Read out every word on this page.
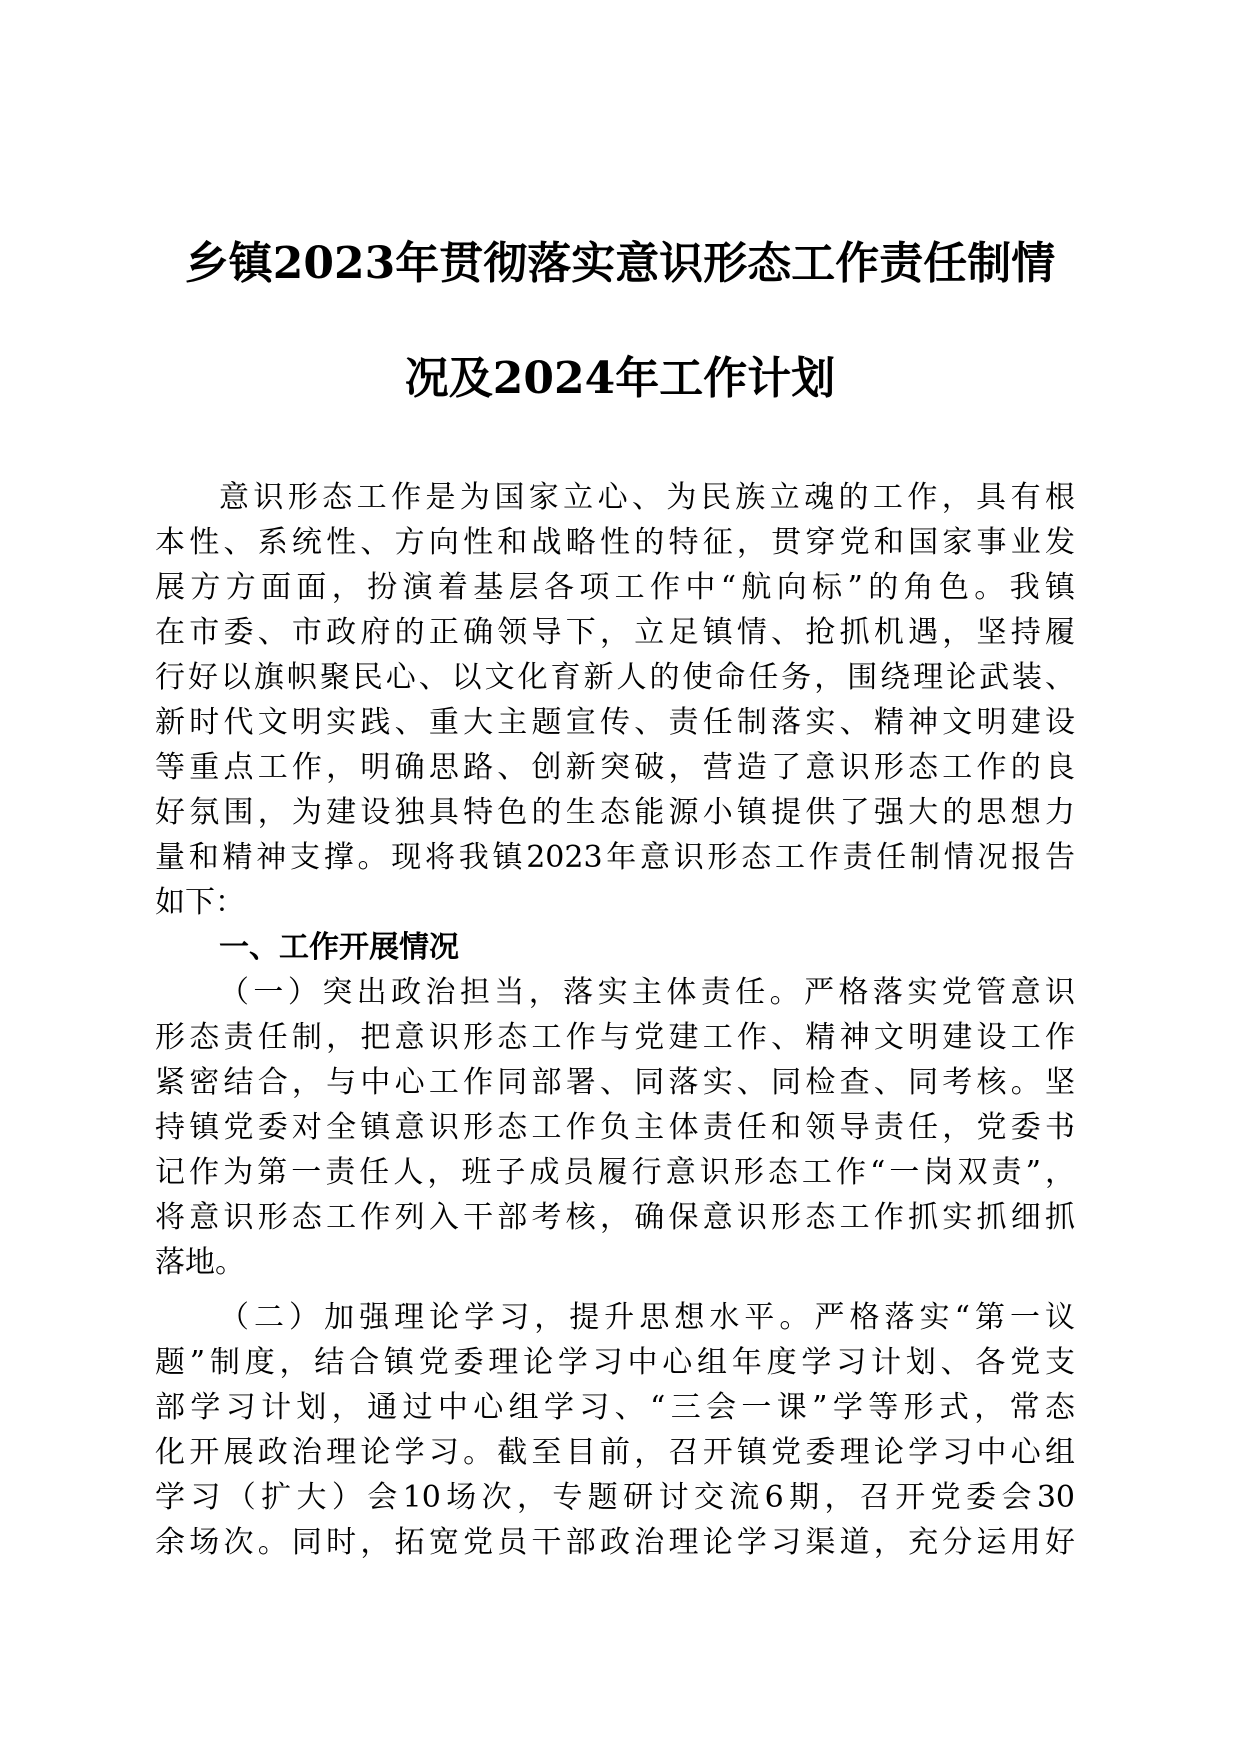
乡镇2023年贯彻落实意识形态工作责任制情
况及2024年工作计划

意识形态工作是为国家立心、为民族立魂的工作，具有根

本性、系统性、方向性和战略性的特征，贯穿党和国家事业发

展方方面面，扮演着基层各项工作中“航向标”的角色。我镇

在市委、市政府的正确领导下，立足镇情、抢抓机遇，坚持履

行好以旗帜聚民心、以文化育新人的使命任务，围绕理论武装、

新时代文明实践、重大主题宣传、责任制落实、精神文明建设

等重点工作，明确思路、创新突破，营造了意识形态工作的良

好氛围，为建设独具特色的生态能源小镇提供了强大的思想力

量和精神支撑。现将我镇2023年意识形态工作责任制情况报告

如下：

一、工作开展情况

（一）突出政治担当，落实主体责任。严格落实党管意识

形态责任制，把意识形态工作与党建工作、精神文明建设工作

紧密结合，与中心工作同部署、同落实、同检查、同考核。坚

持镇党委对全镇意识形态工作负主体责任和领导责任，党委书

记作为第一责任人，班子成员履行意识形态工作“一岗双责”，

将意识形态工作列入干部考核，确保意识形态工作抓实抓细抓

落地。

（二）加强理论学习，提升思想水平。严格落实“第一议

题”制度，结合镇党委理论学习中心组年度学习计划、各党支

部学习计划，通过中心组学习、“三会一课”学等形式，常态

化开展政治理论学习。截至目前，召开镇党委理论学习中心组

学习（扩大）会10场次，专题研讨交流6期，召开党委会30

余场次。同时，拓宽党员干部政治理论学习渠道，充分运用好
